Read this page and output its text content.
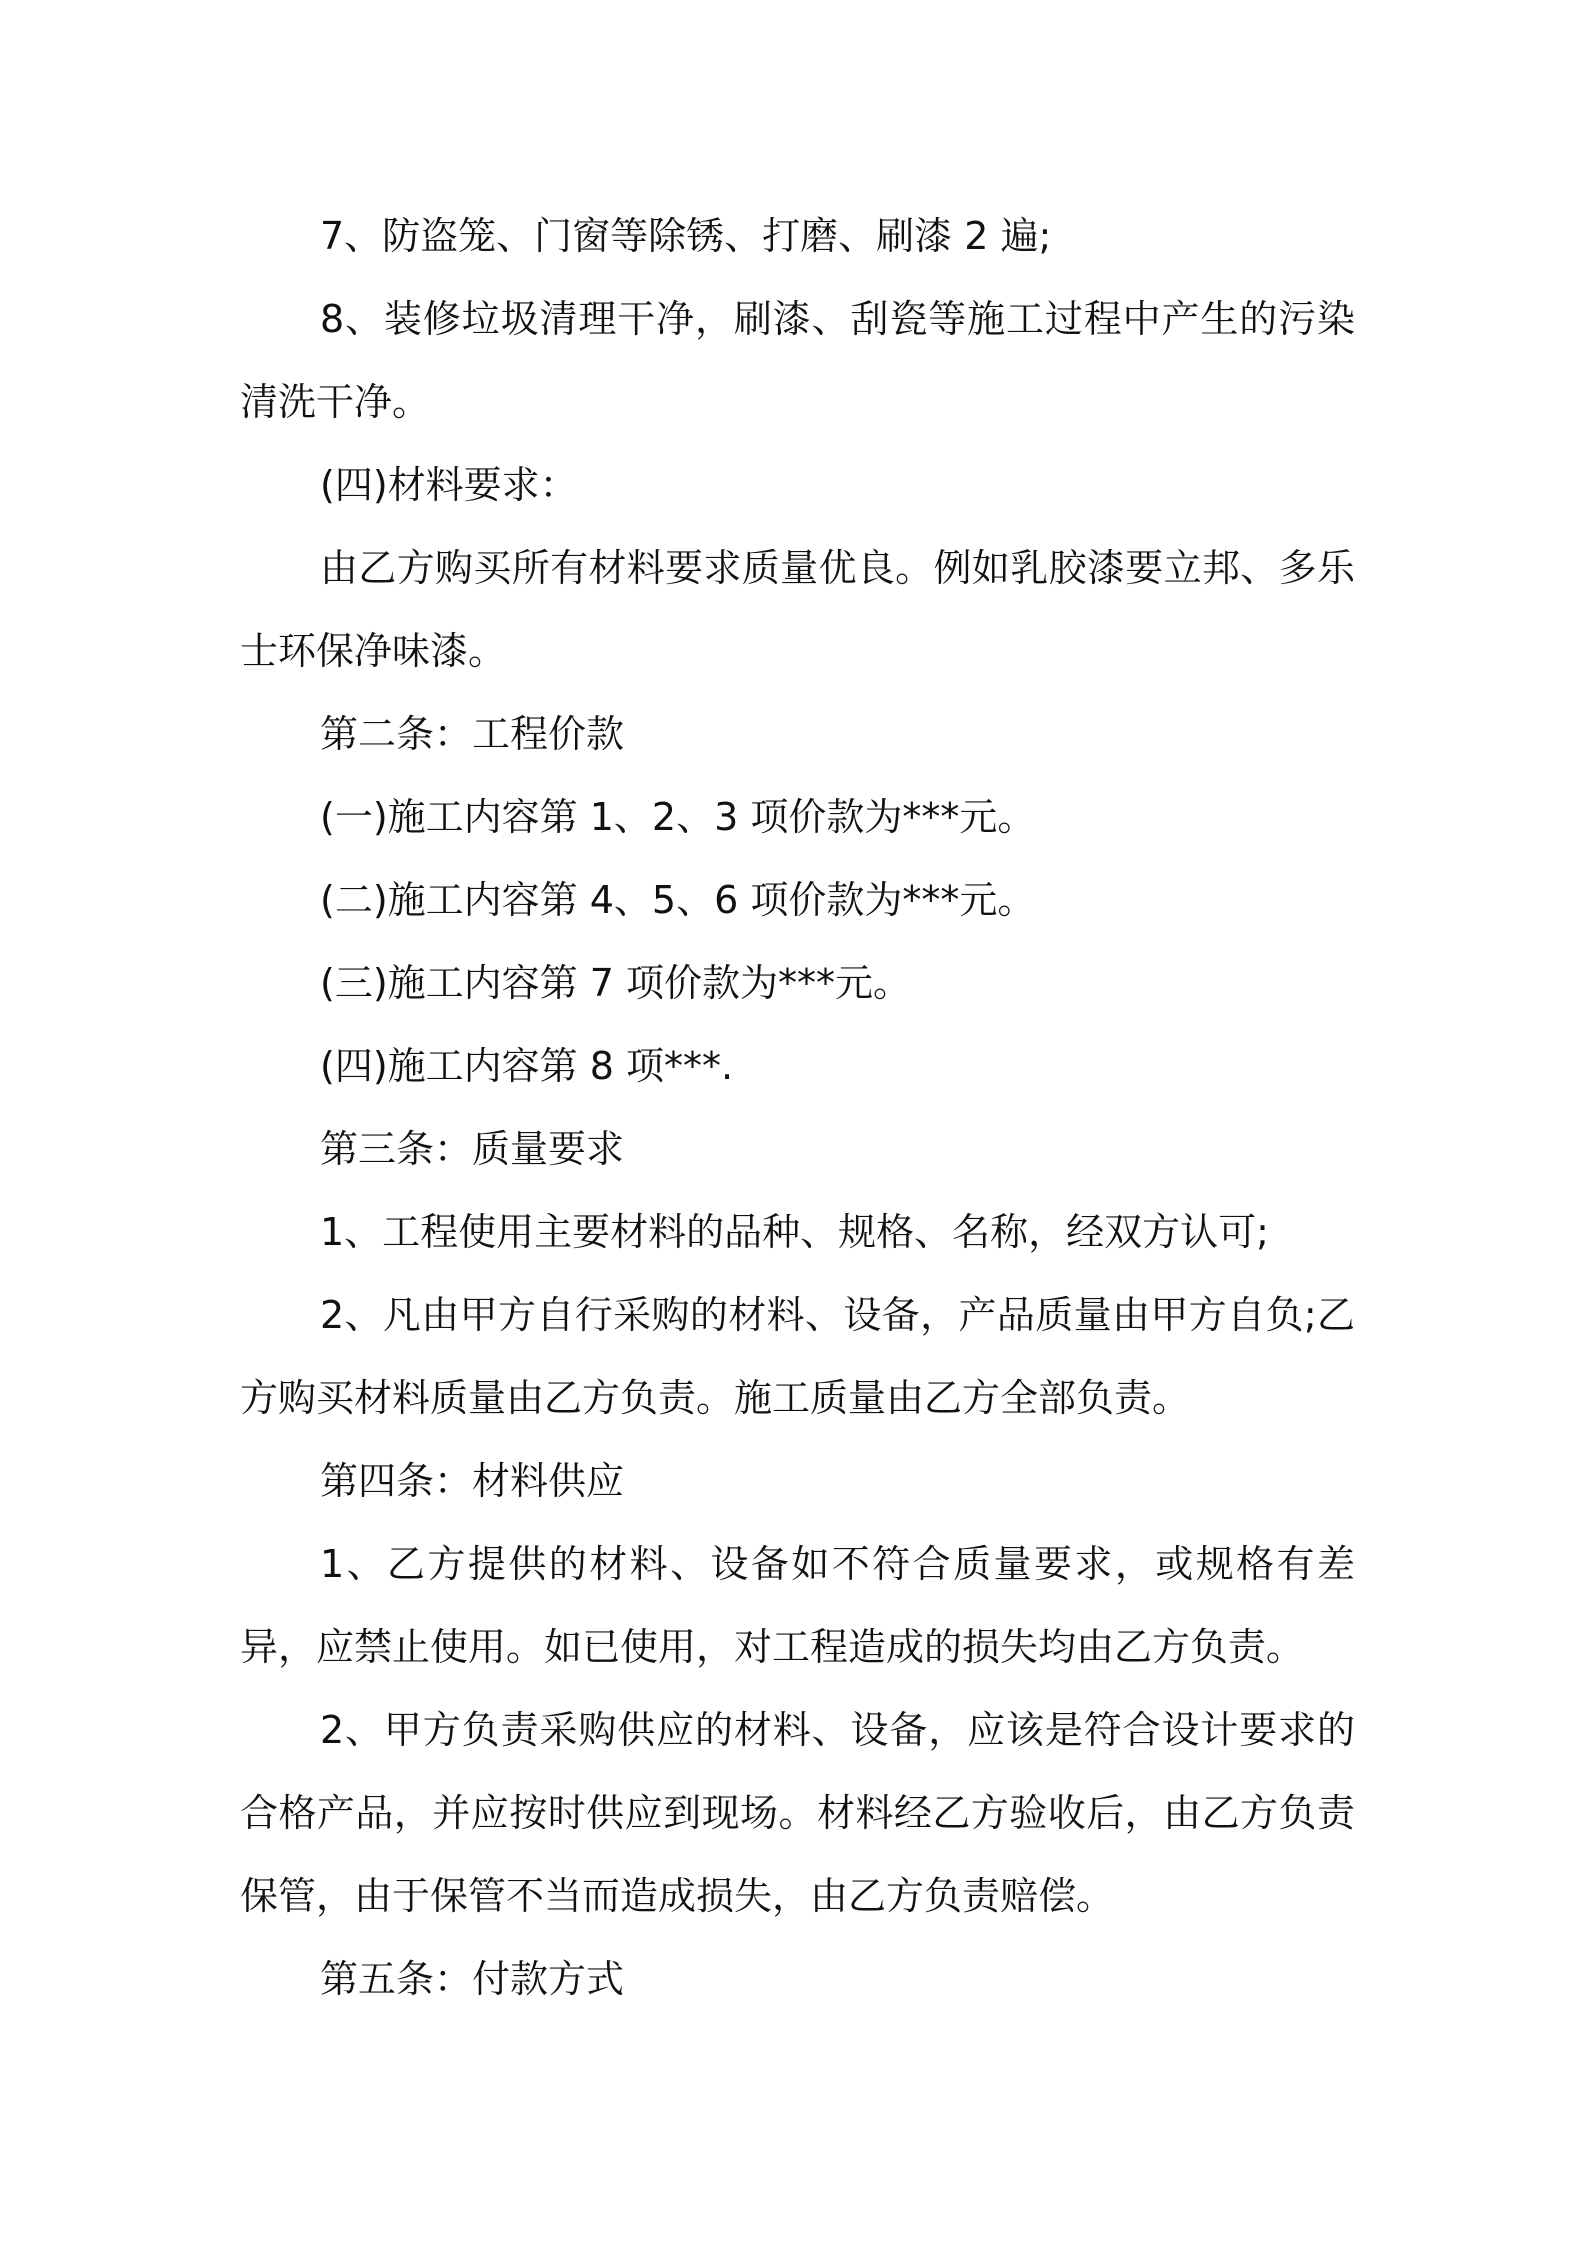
7、防盗笼、门窗等除锈、打磨、刷漆 2 遍;

8、装修垃圾清理干净，刷漆、刮瓷等施工过程中产生的污染清洗干净。

(四)材料要求：

由乙方购买所有材料要求质量优良。例如乳胶漆要立邦、多乐士环保净味漆。

第二条：工程价款

(一)施工内容第 1、2、3 项价款为***元。

(二)施工内容第 4、5、6 项价款为***元。

(三)施工内容第 7 项价款为***元。

(四)施工内容第 8 项***.

第三条：质量要求

1、工程使用主要材料的品种、规格、名称，经双方认可;

2、凡由甲方自行采购的材料、设备，产品质量由甲方自负;乙方购买材料质量由乙方负责。施工质量由乙方全部负责。

第四条：材料供应

1、乙方提供的材料、设备如不符合质量要求，或规格有差异，应禁止使用。如已使用，对工程造成的损失均由乙方负责。

2、甲方负责采购供应的材料、设备，应该是符合设计要求的合格产品，并应按时供应到现场。材料经乙方验收后，由乙方负责保管，由于保管不当而造成损失，由乙方负责赔偿。

第五条：付款方式
